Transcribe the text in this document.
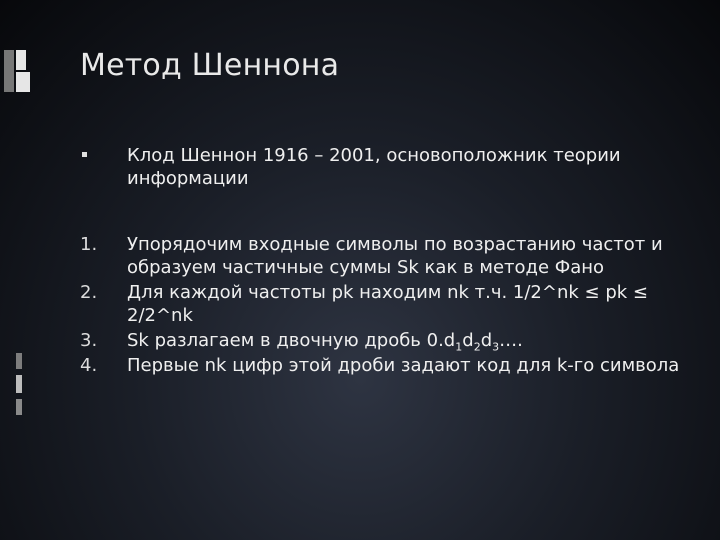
Метод Шеннона
Клод Шеннон 1916 – 2001, основоположник теории информации
1.	Упорядочим входные символы по возрастанию частот и образуем частичные суммы Sk как в методе Фано
2.	Для каждой частоты pk находим nk т.ч. 1/2^nk ≤ pk ≤ 2/2^nk
3.	Sk разлагаем в двочную дробь $0.d_1d_2d_3\dots$.
4.	Первые nk цифр этой дроби задают код для k-го символа
